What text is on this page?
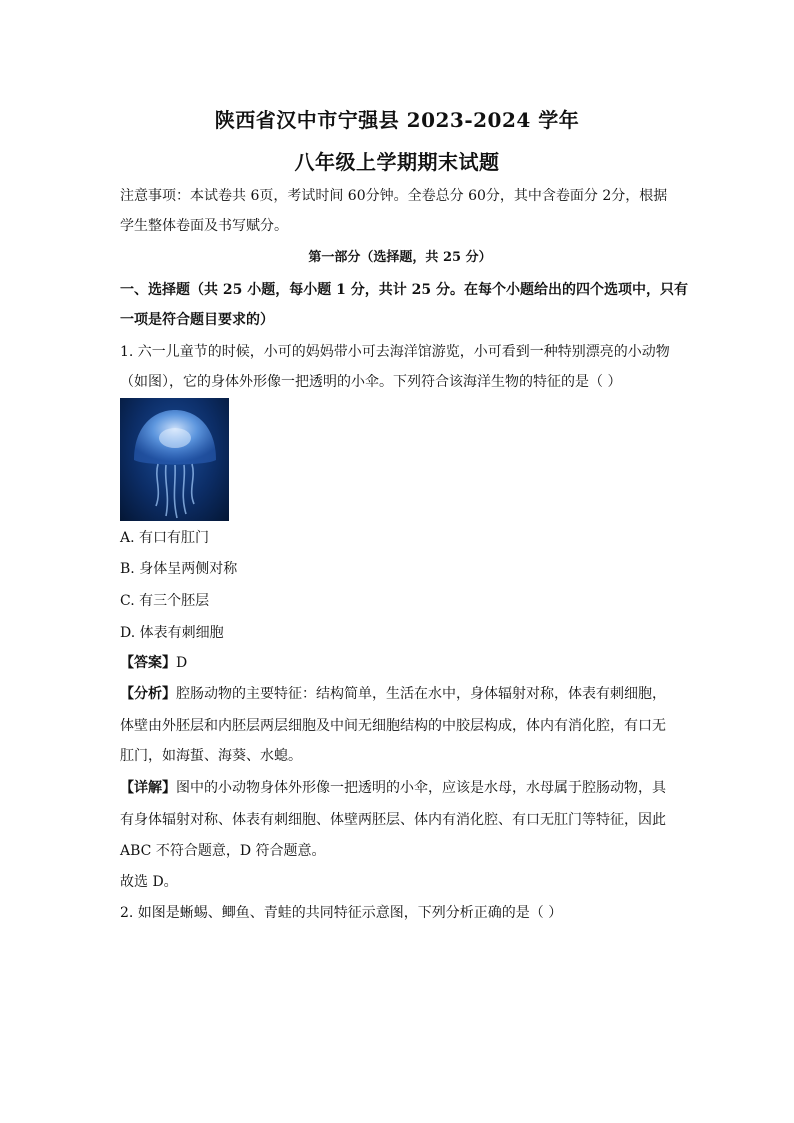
陕西省汉中市宁强县 2023-2024 学年
八年级上学期期末试题
注意事项：本试卷共 6页，考试时间 60分钟。全卷总分 60分，其中含卷面分 2分，根据
学生整体卷面及书写赋分。
第一部分（选择题，共 25 分）
一、选择题（共 25 小题，每小题 1 分，共计 25 分。在每个小题给出的四个选项中，只有
一项是符合题目要求的）
1. 六一儿童节的时候，小可的妈妈带小可去海洋馆游览，小可看到一种特别漂亮的小动物
（如图），它的身体外形像一把透明的小伞。下列符合该海洋生物的特征的是（ ）
A. 有口有肛门
B. 身体呈两侧对称
C. 有三个胚层
D. 体表有刺细胞
【答案】D
【分析】腔肠动物的主要特征：结构简单，生活在水中，身体辐射对称，体表有刺细胞，
体壁由外胚层和内胚层两层细胞及中间无细胞结构的中胶层构成，体内有消化腔，有口无
肛门，如海蜇、海葵、水螅。
【详解】图中的小动物身体外形像一把透明的小伞，应该是水母，水母属于腔肠动物，具
有身体辐射对称、体表有刺细胞、体壁两胚层、体内有消化腔、有口无肛门等特征，因此
ABC 不符合题意，D 符合题意。
故选 D。
2. 如图是蜥蜴、鲫鱼、青蛙的共同特征示意图，下列分析正确的是（ ）
